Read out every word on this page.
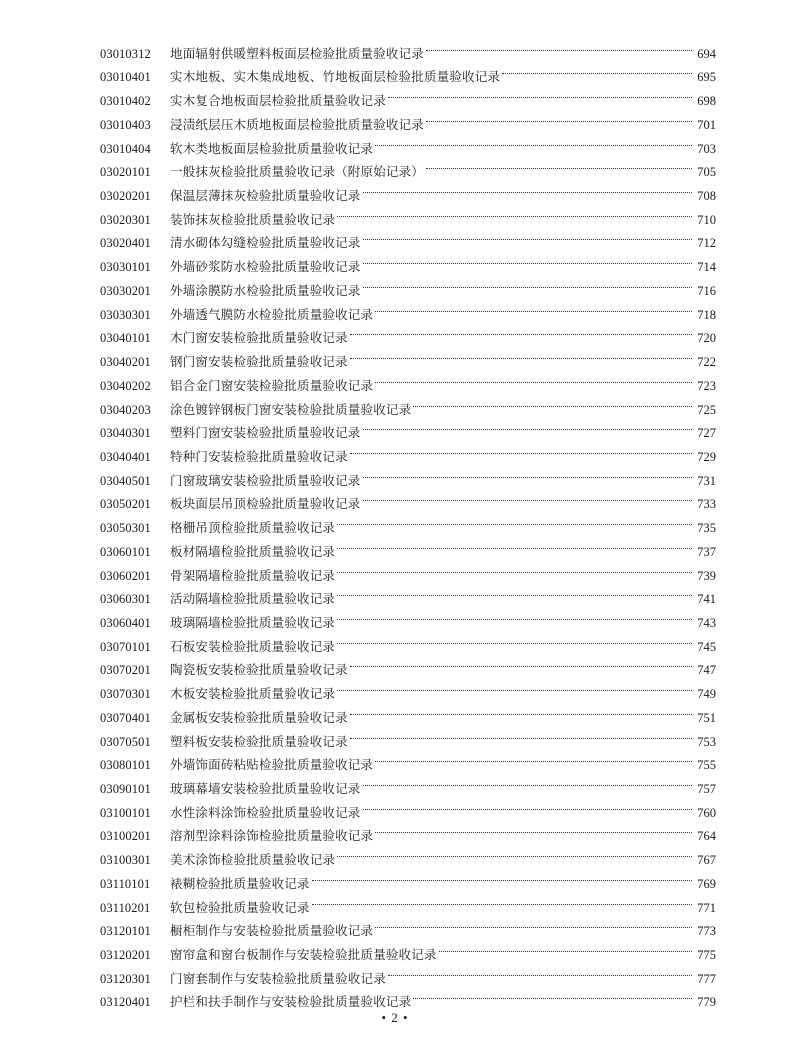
03010312	地面辐射供暖塑料板面层检验批质量验收记录	694
03010401	实木地板、实木集成地板、竹地板面层检验批质量验收记录	695
03010402	实木复合地板面层检验批质量验收记录	698
03010403	浸渍纸层压木质地板面层检验批质量验收记录	701
03010404	软木类地板面层检验批质量验收记录	703
03020101	一般抹灰检验批质量验收记录（附原始记录）	705
03020201	保温层薄抹灰检验批质量验收记录	708
03020301	装饰抹灰检验批质量验收记录	710
03020401	清水砌体勾缝检验批质量验收记录	712
03030101	外墙砂浆防水检验批质量验收记录	714
03030201	外墙涂膜防水检验批质量验收记录	716
03030301	外墙透气膜防水检验批质量验收记录	718
03040101	木门窗安装检验批质量验收记录	720
03040201	钢门窗安装检验批质量验收记录	722
03040202	铝合金门窗安装检验批质量验收记录	723
03040203	涂色镀锌钢板门窗安装检验批质量验收记录	725
03040301	塑料门窗安装检验批质量验收记录	727
03040401	特种门安装检验批质量验收记录	729
03040501	门窗玻璃安装检验批质量验收记录	731
03050201	板块面层吊顶检验批质量验收记录	733
03050301	格栅吊顶检验批质量验收记录	735
03060101	板材隔墙检验批质量验收记录	737
03060201	骨架隔墙检验批质量验收记录	739
03060301	活动隔墙检验批质量验收记录	741
03060401	玻璃隔墙检验批质量验收记录	743
03070101	石板安装检验批质量验收记录	745
03070201	陶瓷板安装检验批质量验收记录	747
03070301	木板安装检验批质量验收记录	749
03070401	金属板安装检验批质量验收记录	751
03070501	塑料板安装检验批质量验收记录	753
03080101	外墙饰面砖粘贴检验批质量验收记录	755
03090101	玻璃幕墙安装检验批质量验收记录	757
03100101	水性涂料涂饰检验批质量验收记录	760
03100201	溶剂型涂料涂饰检验批质量验收记录	764
03100301	美术涂饰检验批质量验收记录	767
03110101	裱糊检验批质量验收记录	769
03110201	软包检验批质量验收记录	771
03120101	橱柜制作与安装检验批质量验收记录	773
03120201	窗帘盒和窗台板制作与安装检验批质量验收记录	775
03120301	门窗套制作与安装检验批质量验收记录	777
03120401	护栏和扶手制作与安装检验批质量验收记录	779
• 2 •
